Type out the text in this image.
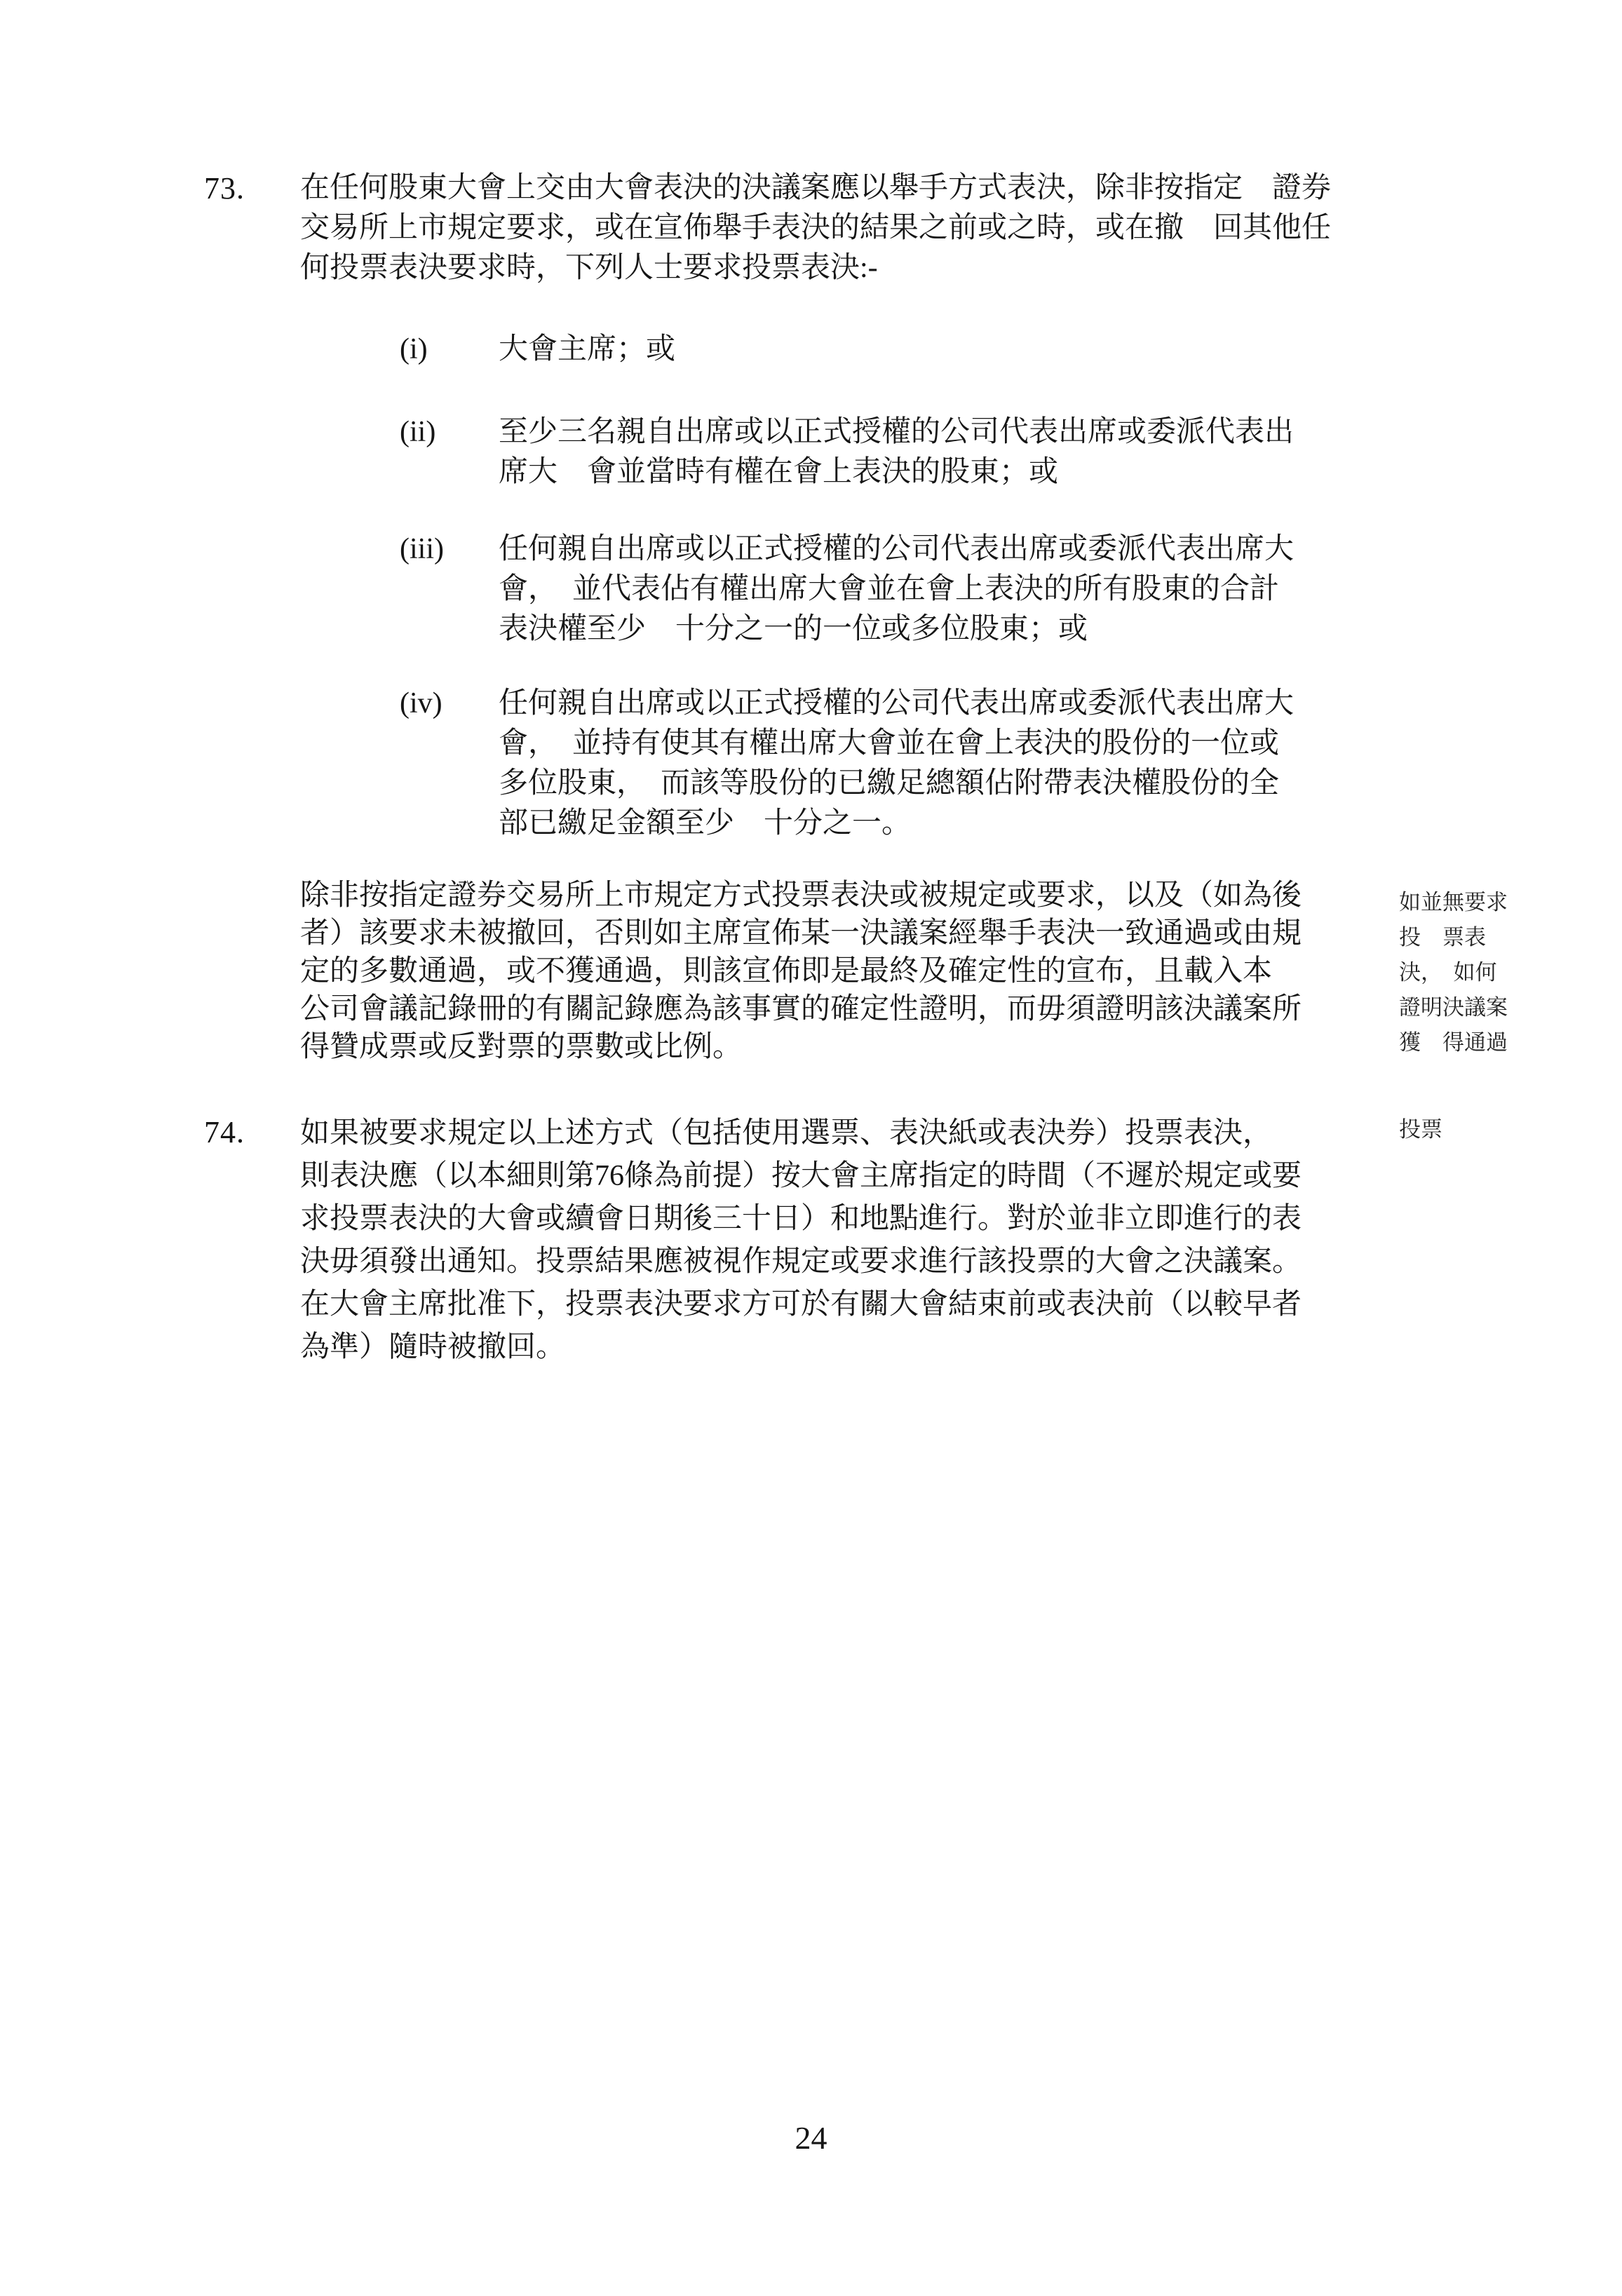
73. 在任何股東大會上交由大會表決的決議案應以舉手方式表決，除非按指定　證券
交易所上市規定要求，或在宣佈舉手表決的結果之前或之時，或在撤　回其他任
何投票表決要求時，下列人士要求投票表決:-
(i) 大會主席；或
(ii) 至少三名親自出席或以正式授權的公司代表出席或委派代表出
席大　會並當時有權在會上表決的股東；或
(iii) 任何親自出席或以正式授權的公司代表出席或委派代表出席大
會，　並代表佔有權出席大會並在會上表決的所有股東的合計
表決權至少　十分之一的一位或多位股東；或
(iv) 任何親自出席或以正式授權的公司代表出席或委派代表出席大
會，　並持有使其有權出席大會並在會上表決的股份的一位或
多位股東，　而該等股份的已繳足總額佔附帶表決權股份的全
部已繳足金額至少　十分之一。
除非按指定證券交易所上市規定方式投票表決或被規定或要求，以及（如為後
者）該要求未被撤回，否則如主席宣佈某一決議案經舉手表決一致通過或由規
定的多數通過，或不獲通過，則該宣佈即是最終及確定性的宣布，且載入本
公司會議記錄冊的有關記錄應為該事實的確定性證明，而毋須證明該決議案所
得贊成票或反對票的票數或比例。
如並無要求
投　票表
決，　如何
證明決議案
獲　得通過
74. 如果被要求規定以上述方式（包括使用選票、表決紙或表決券）投票表決，
則表決應（以本細則第76條為前提）按大會主席指定的時間（不遲於規定或要
求投票表決的大會或續會日期後三十日）和地點進行。對於並非立即進行的表
決毋須發出通知。投票結果應被視作規定或要求進行該投票的大會之決議案。
在大會主席批准下，投票表決要求方可於有關大會結束前或表決前（以較早者
為準）隨時被撤回。
投票
24
